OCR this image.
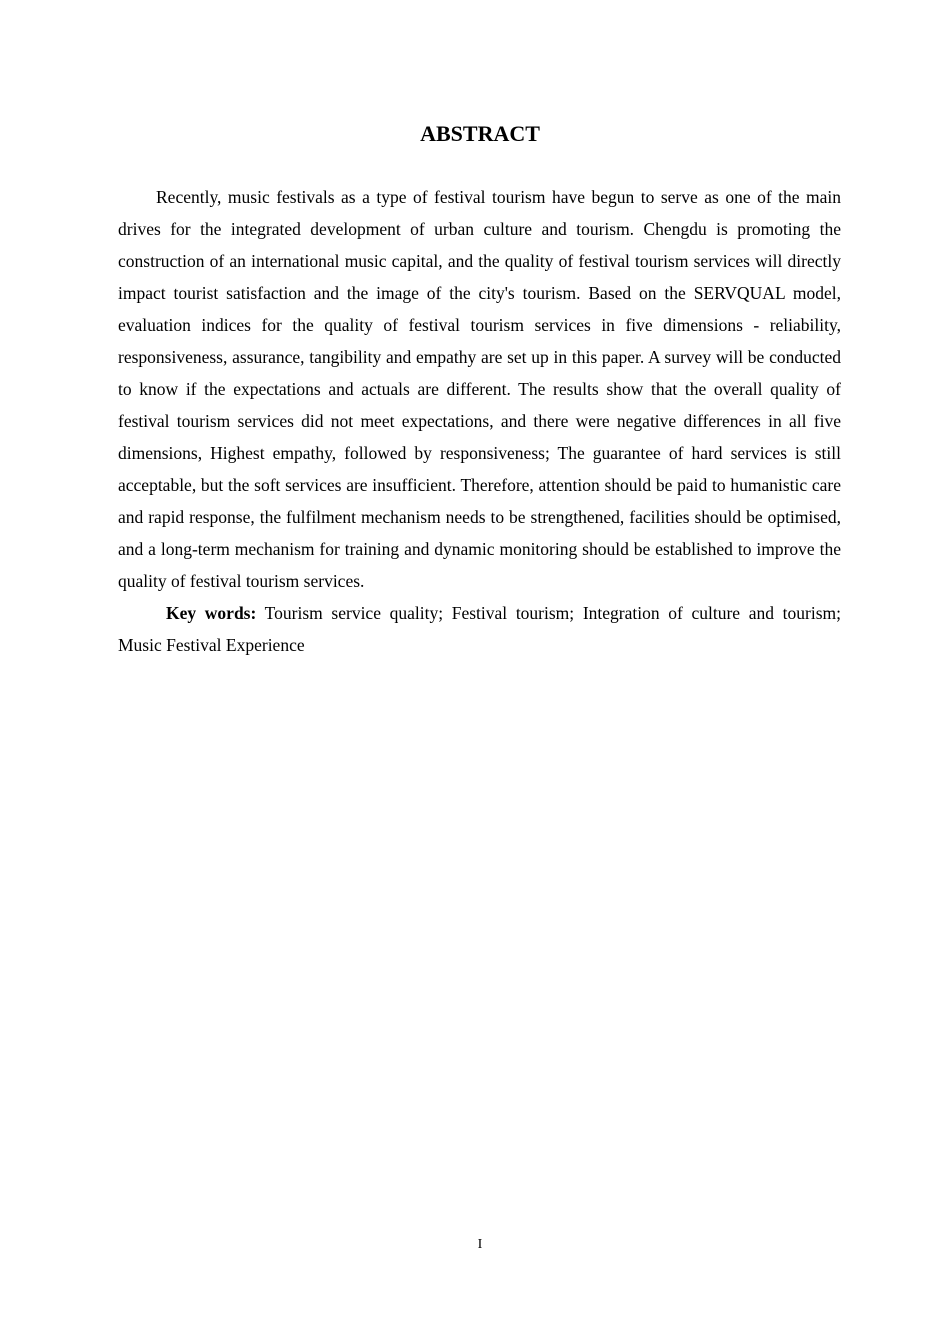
ABSTRACT

Recently, music festivals as a type of festival tourism have begun to serve as one of the main drives for the integrated development of urban culture and tourism. Chengdu is promoting the construction of an international music capital, and the quality of festival tourism services will directly impact tourist satisfaction and the image of the city's tourism. Based on the SERVQUAL model, evaluation indices for the quality of festival tourism services in five dimensions - reliability, responsiveness, assurance, tangibility and empathy are set up in this paper. A survey will be conducted to know if the expectations and actuals are different. The results show that the overall quality of festival tourism services did not meet expectations, and there were negative differences in all five dimensions, Highest empathy, followed by responsiveness; The guarantee of hard services is still acceptable, but the soft services are insufficient. Therefore, attention should be paid to humanistic care and rapid response, the fulfilment mechanism needs to be strengthened, facilities should be optimised, and a long-term mechanism for training and dynamic monitoring should be established to improve the quality of festival tourism services.

Key words: Tourism service quality; Festival tourism; Integration of culture and tourism; Music Festival Experience

I
